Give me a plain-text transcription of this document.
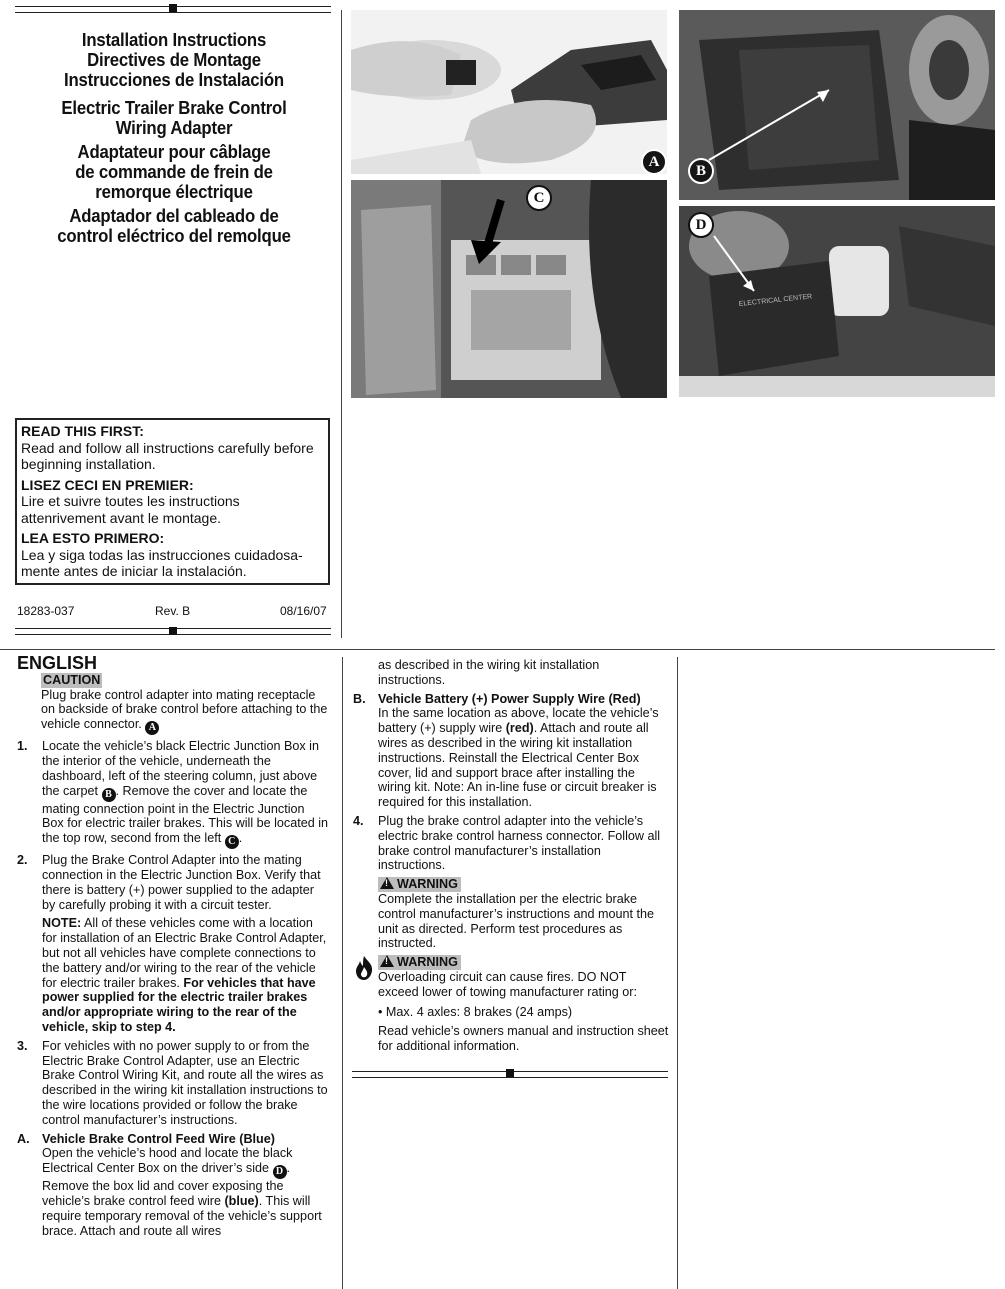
Installation Instructions
Directives de Montage
Instrucciones de Instalación
Electric Trailer Brake Control
Wiring Adapter
Adaptateur pour câblage
de commande de frein de
remorque électrique
Adaptador del cableado de
control eléctrico del remolque
READ THIS FIRST:
Read and follow all instructions carefully before beginning installation.
LISEZ CECI EN PREMIER:
Lire et suivre toutes les instructions attenrivement avant le montage.
LEA ESTO PRIMERO:
Lea y siga todas las instrucciones cuidadosa-mente antes de iniciar la instalación.
18283-037	Rev. B	08/16/07
A
B
C
ELECTRICAL CENTER
D
ENGLISH
CAUTION

Plug brake control adapter into mating receptacle on backside of brake control before attaching to the vehicle connector. A

1. Locate the vehicle’s black Electric Junction Box in the interior of the vehicle, underneath the dashboard, left of the steering column, just above the carpet B . Remove the cover and locate the mating connection point in the Electric Junction Box for electric trailer brakes. This will be located in the top row, second from the left C .

2. Plug the Brake Control Adapter into the mating connection in the Electric Junction Box. Verify that there is battery (+) power supplied to the adapter by carefully probing it with a circuit tester.

NOTE: All of these vehicles come with a location for installation of an Electric Brake Control Adapter, but not all vehicles have complete connections to the battery and/or wiring to the rear of the vehicle for electric trailer brakes. For vehicles that have power supplied for the electric trailer brakes and/or appropriate wiring to the rear of the vehicle, skip to step 4.

3. For vehicles with no power supply to or from the Electric Brake Control Adapter, use an Electric Brake Control Wiring Kit, and route all the wires as described in the wiring kit installation instructions to the wire locations provided or follow the brake control manufacturer’s instructions.

A. Vehicle Brake Control Feed Wire (Blue)

Open the vehicle’s hood and locate the black Electrical Center Box on the driver’s side D . Remove the box lid and cover exposing the vehicle’s brake control feed wire (blue). This will require temporary removal of the vehicle’s support brace. Attach and route all wires

as described in the wiring kit installation instructions.

B. Vehicle Battery (+) Power Supply Wire (Red)

In the same location as above, locate the vehicle’s battery (+) supply wire (red). Attach and route all wires as described in the wiring kit installation instructions. Reinstall the Electrical Center Box cover, lid and support brace after installing the wiring kit. Note: An in-line fuse or circuit breaker is required for this installation.

4. Plug the brake control adapter into the vehicle’s electric brake control harness connector. Follow all brake control manufacturer’s installation instructions.

!WARNING

Complete the installation per the electric brake control manufacturer’s instructions and mount the unit as directed. Perform test procedures as instructed.

!WARNING

Overloading circuit can cause fires. DO NOT exceed lower of towing manufacturer rating or:

• Max. 4 axles: 8 brakes (24 amps)

Read vehicle’s owners manual and instruction sheet for additional information.
